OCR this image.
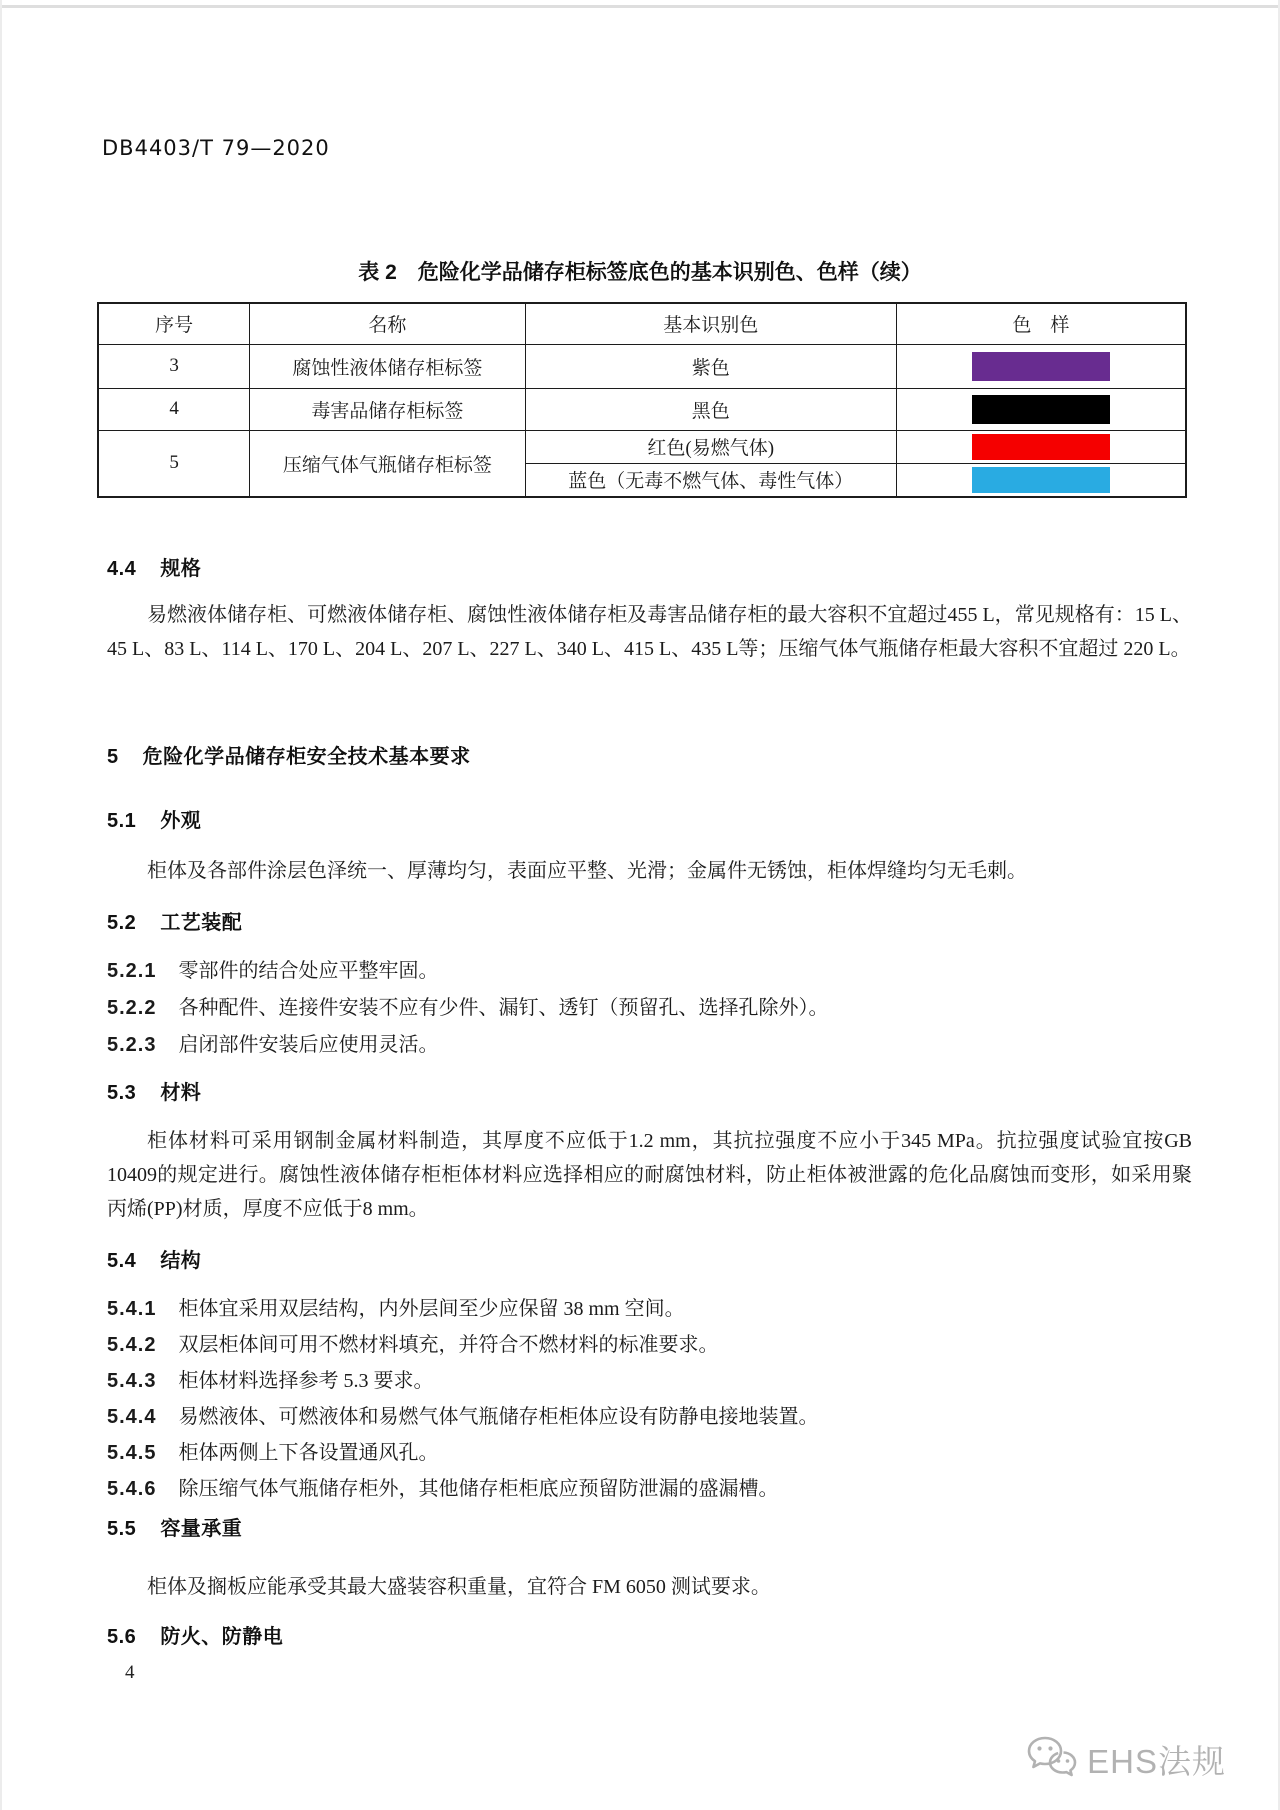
DB4403/T 79—2020
表 2　危险化学品储存柜标签底色的基本识别色、色样（续）
序号	名称	基本识别色	色　样
3	腐蚀性液体储存柜标签	紫色	

4	毒害品储存柜标签	黑色	

5	压缩气体气瓶储存柜标签	红色(易燃气体)	

		蓝色（无毒不燃气体、毒性气体）	
4.4 规格
易燃液体储存柜、可燃液体储存柜、腐蚀性液体储存柜及毒害品储存柜的最大容积不宜超过455 L，常见规格有：15 L、45 L、83 L、114 L、170 L、204 L、207 L、227 L、340 L、415 L、435 L等；压缩气体气瓶储存柜最大容积不宜超过 220 L。
5 危险化学品储存柜安全技术基本要求
5.1 外观
柜体及各部件涂层色泽统一、厚薄均匀，表面应平整、光滑；金属件无锈蚀，柜体焊缝均匀无毛刺。
5.2 工艺装配
5.2.1 零部件的结合处应平整牢固。
5.2.2 各种配件、连接件安装不应有少件、漏钉、透钉（预留孔、选择孔除外）。
5.2.3 启闭部件安装后应使用灵活。
5.3 材料
柜体材料可采用钢制金属材料制造，其厚度不应低于1.2 mm，其抗拉强度不应小于345 MPa。抗拉强度试验宜按GB 10409的规定进行。腐蚀性液体储存柜柜体材料应选择相应的耐腐蚀材料，防止柜体被泄露的危化品腐蚀而变形，如采用聚丙烯(PP)材质，厚度不应低于8 mm。
5.4 结构
5.4.1 柜体宜采用双层结构，内外层间至少应保留 38 mm 空间。
5.4.2 双层柜体间可用不燃材料填充，并符合不燃材料的标准要求。
5.4.3 柜体材料选择参考 5.3 要求。
5.4.4 易燃液体、可燃液体和易燃气体气瓶储存柜柜体应设有防静电接地装置。
5.4.5 柜体两侧上下各设置通风孔。
5.4.6 除压缩气体气瓶储存柜外，其他储存柜柜底应预留防泄漏的盛漏槽。
5.5 容量承重
柜体及搁板应能承受其最大盛装容积重量，宜符合 FM 6050 测试要求。
5.6 防火、防静电
4
EHS法规
